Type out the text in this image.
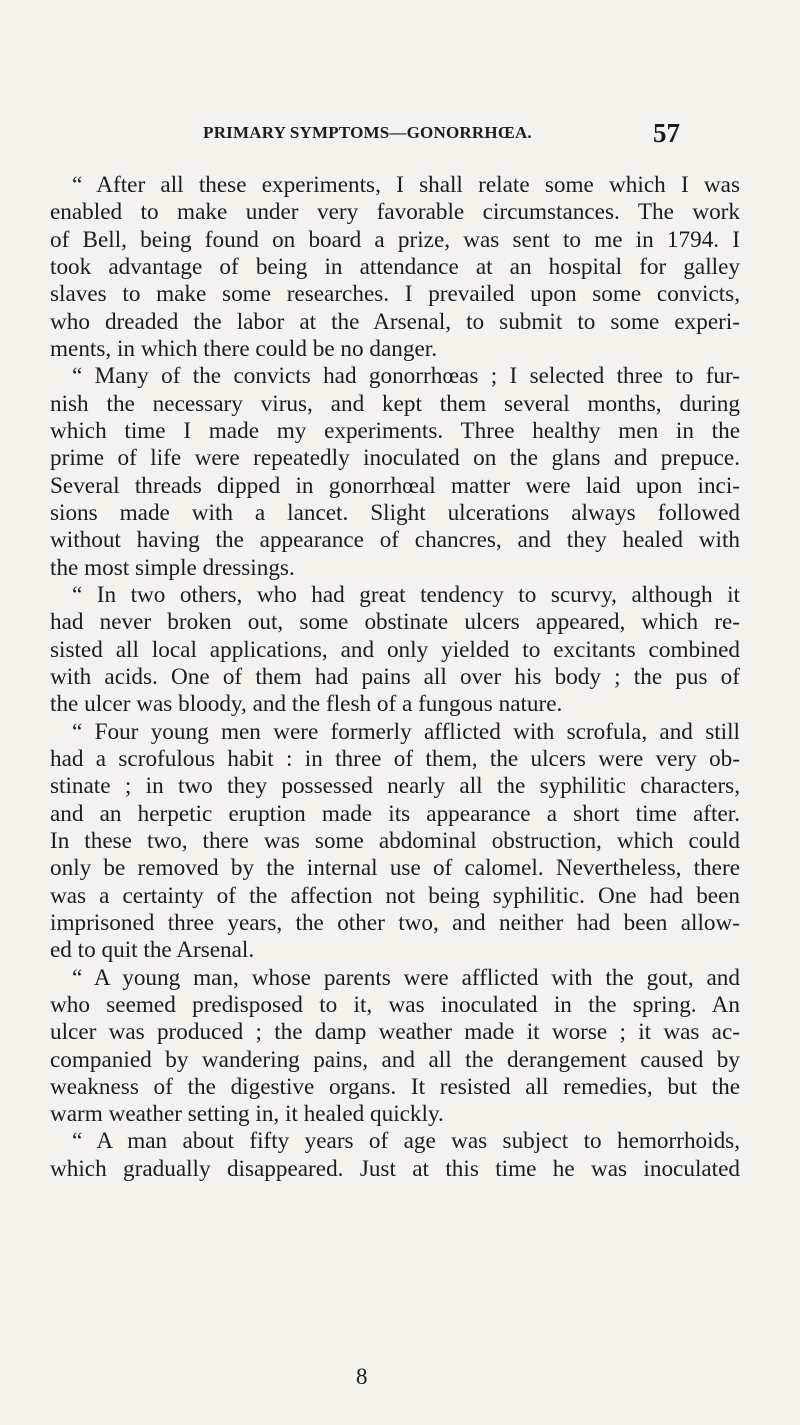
PRIMARY SYMPTOMS—GONORRHŒA.	57
“ After all these experiments, I shall relate some which I was
enabled to make under very favorable circumstances. The work
of Bell, being found on board a prize, was sent to me in 1794. I
took advantage of being in attendance at an hospital for galley
slaves to make some researches. I prevailed upon some convicts,
who dreaded the labor at the Arsenal, to submit to some experi-
ments, in which there could be no danger.
“ Many of the convicts had gonorrhœas ; I selected three to fur-
nish the necessary virus, and kept them several months, during
which time I made my experiments. Three healthy men in the
prime of life were repeatedly inoculated on the glans and prepuce.
Several threads dipped in gonorrhœal matter were laid upon inci-
sions made with a lancet. Slight ulcerations always followed
without having the appearance of chancres, and they healed with
the most simple dressings.
“ In two others, who had great tendency to scurvy, although it
had never broken out, some obstinate ulcers appeared, which re-
sisted all local applications, and only yielded to excitants combined
with acids. One of them had pains all over his body ; the pus of
the ulcer was bloody, and the flesh of a fungous nature.
“ Four young men were formerly afflicted with scrofula, and still
had a scrofulous habit : in three of them, the ulcers were very ob-
stinate ; in two they possessed nearly all the syphilitic characters,
and an herpetic eruption made its appearance a short time after.
In these two, there was some abdominal obstruction, which could
only be removed by the internal use of calomel. Nevertheless, there
was a certainty of the affection not being syphilitic. One had been
imprisoned three years, the other two, and neither had been allow-
ed to quit the Arsenal.
“ A young man, whose parents were afflicted with the gout, and
who seemed predisposed to it, was inoculated in the spring. An
ulcer was produced ; the damp weather made it worse ; it was ac-
companied by wandering pains, and all the derangement caused by
weakness of the digestive organs. It resisted all remedies, but the
warm weather setting in, it healed quickly.
“ A man about fifty years of age was subject to hemorrhoids,
which gradually disappeared. Just at this time he was inoculated
8
